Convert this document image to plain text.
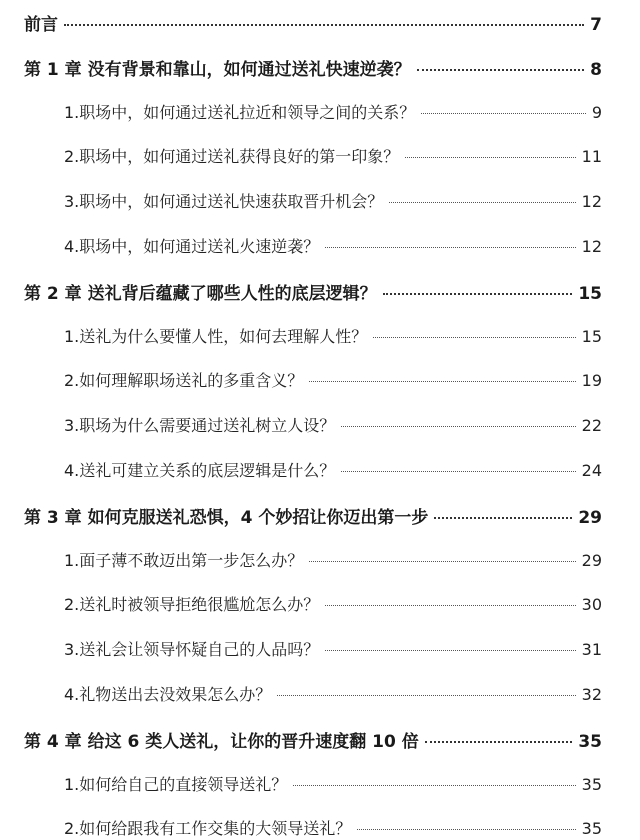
前言	7
第 1 章 没有背景和靠山，如何通过送礼快速逆袭？	8
1.职场中，如何通过送礼拉近和领导之间的关系？	9
2.职场中，如何通过送礼获得良好的第一印象？	11
3.职场中，如何通过送礼快速获取晋升机会？	12
4.职场中，如何通过送礼火速逆袭？	12
第 2 章 送礼背后蕴藏了哪些人性的底层逻辑？	15
1.送礼为什么要懂人性，如何去理解人性？	15
2.如何理解职场送礼的多重含义？	19
3.职场为什么需要通过送礼树立人设？	22
4.送礼可建立关系的底层逻辑是什么？	24
第 3 章 如何克服送礼恐惧，4 个妙招让你迈出第一步	29
1.面子薄不敢迈出第一步怎么办？	29
2.送礼时被领导拒绝很尴尬怎么办？	30
3.送礼会让领导怀疑自己的人品吗？	31
4.礼物送出去没效果怎么办？	32
第 4 章 给这 6 类人送礼，让你的晋升速度翻 10 倍	35
1.如何给自己的直接领导送礼？	35
2.如何给跟我有工作交集的大领导送礼？	35
